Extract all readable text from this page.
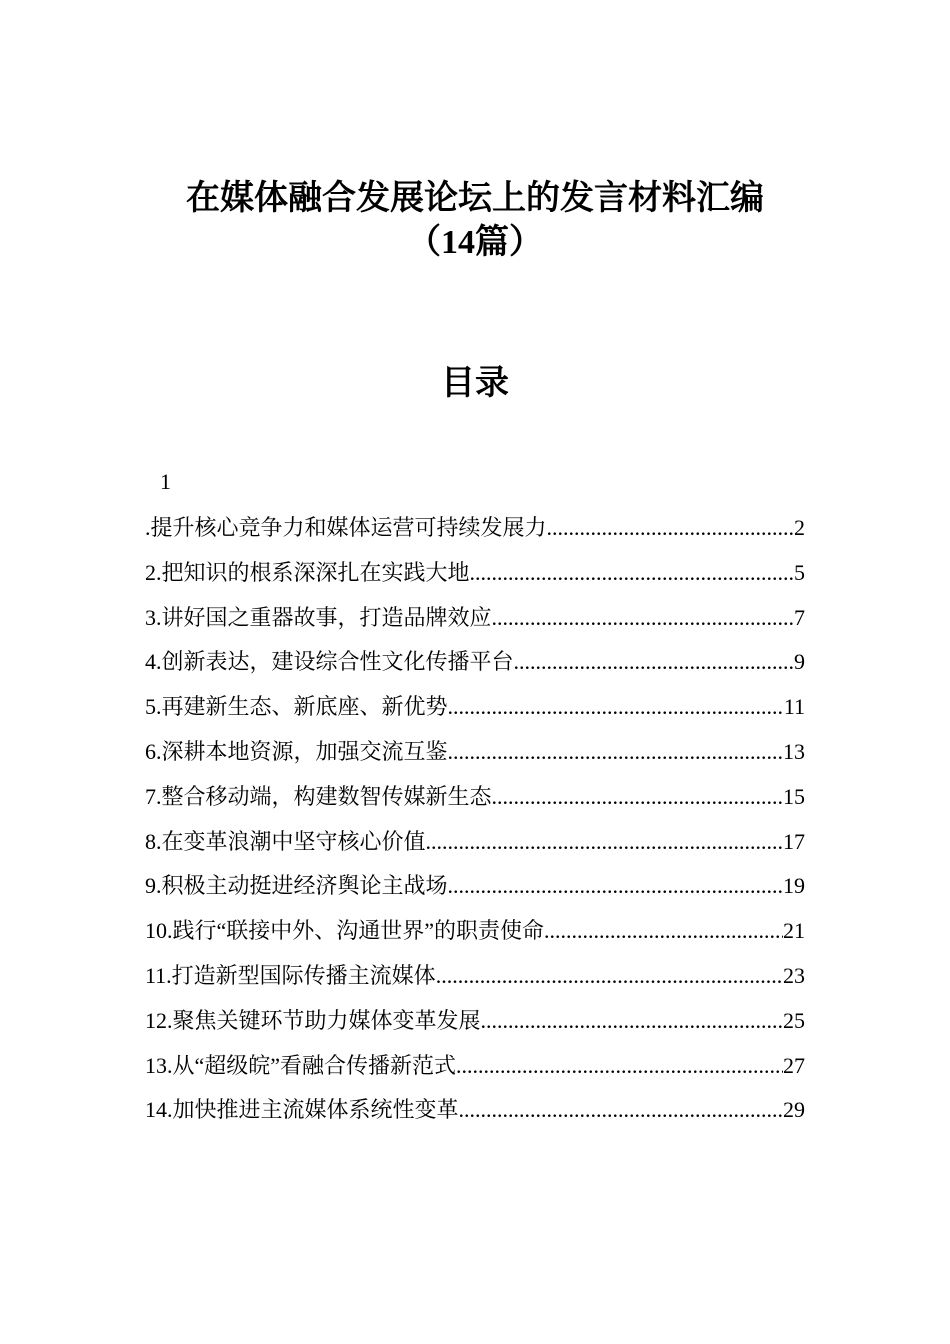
在媒体融合发展论坛上的发言材料汇编
（14篇）
目录
1
.提升核心竞争力和媒体运营可持续发展力 .....	2
2.把知识的根系深深扎在实践大地 .....	5
3.讲好国之重器故事，打造品牌效应 .....	7
4.创新表达，建设综合性文化传播平台 .....	9
5.再建新生态、新底座、新优势 .....	11
6.深耕本地资源，加强交流互鉴 .....	13
7.整合移动端，构建数智传媒新生态 .....	15
8.在变革浪潮中坚守核心价值 .....	17
9.积极主动挺进经济舆论主战场 .....	19
10.践行“联接中外、沟通世界”的职责使命 .....	21
11.打造新型国际传播主流媒体 .....	23
12.聚焦关键环节助力媒体变革发展 .....	25
13.从“超级皖”看融合传播新范式 .....	27
14.加快推进主流媒体系统性变革 .....	29
